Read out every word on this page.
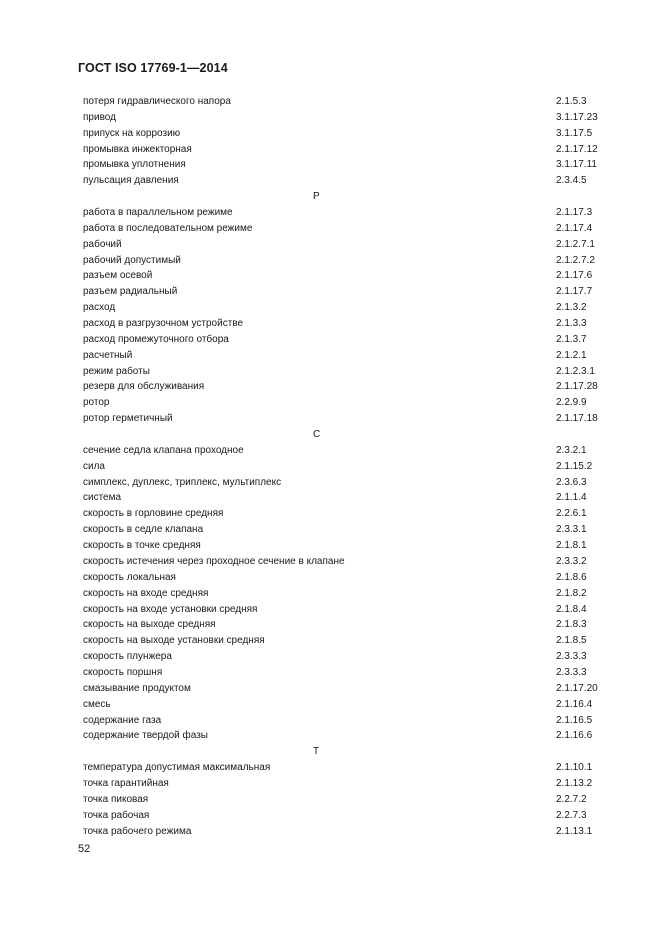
ГОСТ ISO 17769-1—2014
потеря гидравлического напора	2.1.5.3
привод	3.1.17.23
припуск на коррозию	3.1.17.5
промывка инжекторная	2.1.17.12
промывка уплотнения	3.1.17.11
пульсация давления	2.3.4.5
Р
работа в параллельном режиме	2.1.17.3
работа в последовательном режиме	2.1.17.4
рабочий	2.1.2.7.1
рабочий допустимый	2.1.2.7.2
разъем осевой	2.1.17.6
разъем радиальный	2.1.17.7
расход	2.1.3.2
расход в разгрузочном устройстве	2.1.3.3
расход промежуточного отбора	2.1.3.7
расчетный	2.1.2.1
режим работы	2.1.2.3.1
резерв для обслуживания	2.1.17.28
ротор	2.2.9.9
ротор герметичный	2.1.17.18
С
сечение седла клапана проходное	2.3.2.1
сила	2.1.15.2
симплекс, дуплекс, триплекс, мультиплекс	2.3.6.3
система	2.1.1.4
скорость в горловине средняя	2.2.6.1
скорость в седле клапана	2.3.3.1
скорость в точке средняя	2.1.8.1
скорость истечения через проходное сечение в клапане	2.3.3.2
скорость локальная	2.1.8.6
скорость на входе средняя	2.1.8.2
скорость на входе установки средняя	2.1.8.4
скорость на выходе средняя	2.1.8.3
скорость на выходе установки средняя	2.1.8.5
скорость плунжера	2.3.3.3
скорость поршня	2.3.3.3
смазывание продуктом	2.1.17.20
смесь	2.1.16.4
содержание газа	2.1.16.5
содержание твердой фазы	2.1.16.6
Т
температура допустимая максимальная	2.1.10.1
точка гарантийная	2.1.13.2
точка пиковая	2.2.7.2
точка рабочая	2.2.7.3
точка рабочего режима	2.1.13.1
52
